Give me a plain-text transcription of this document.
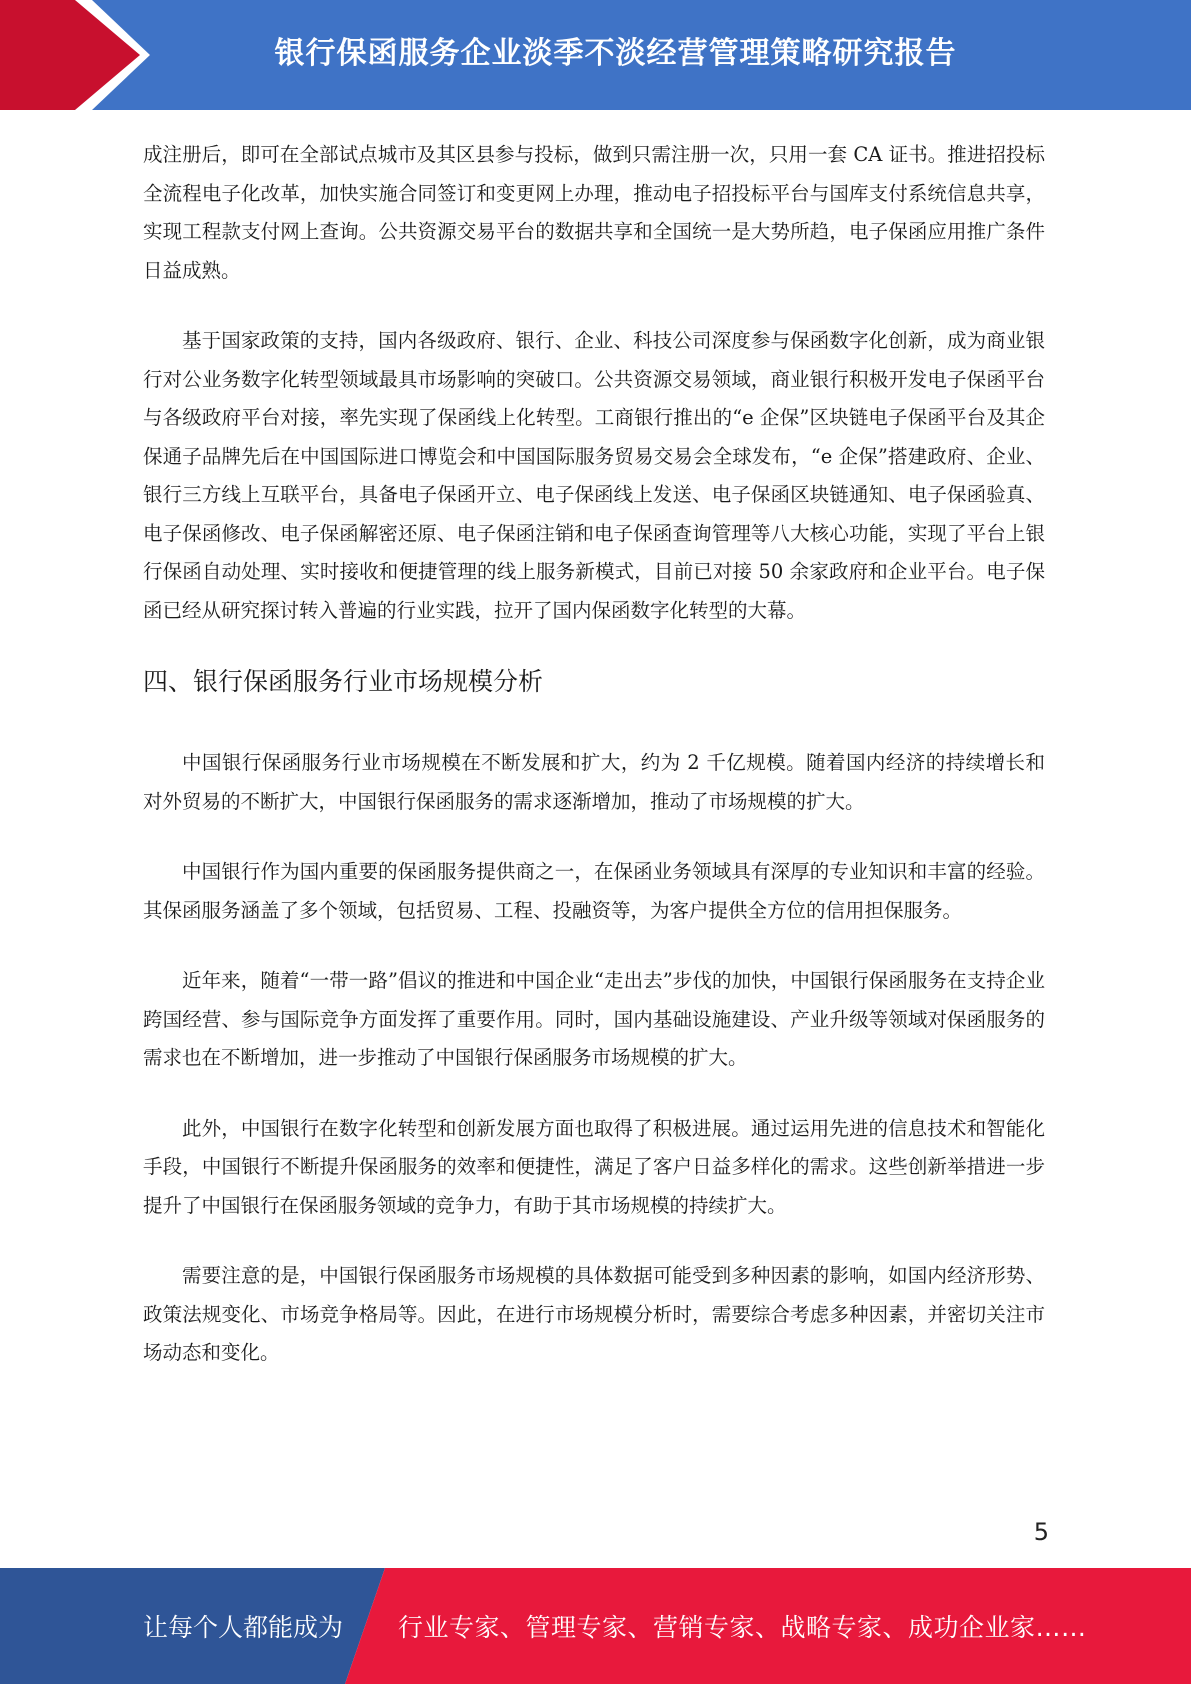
银行保函服务企业淡季不淡经营管理策略研究报告

成注册后，即可在全部试点城市及其区县参与投标，做到只需注册一次，只用一套 CA 证书。推进招投标全流程电子化改革，加快实施合同签订和变更网上办理，推动电子招投标平台与国库支付系统信息共享，实现工程款支付网上查询。公共资源交易平台的数据共享和全国统一是大势所趋，电子保函应用推广条件日益成熟。

基于国家政策的支持，国内各级政府、银行、企业、科技公司深度参与保函数字化创新，成为商业银行对公业务数字化转型领域最具市场影响的突破口。公共资源交易领域，商业银行积极开发电子保函平台与各级政府平台对接，率先实现了保函线上化转型。工商银行推出的“e 企保”区块链电子保函平台及其企保通子品牌先后在中国国际进口博览会和中国国际服务贸易交易会全球发布，“e 企保”搭建政府、企业、银行三方线上互联平台，具备电子保函开立、电子保函线上发送、电子保函区块链通知、电子保函验真、电子保函修改、电子保函解密还原、电子保函注销和电子保函查询管理等八大核心功能，实现了平台上银行保函自动处理、实时接收和便捷管理的线上服务新模式，目前已对接 50 余家政府和企业平台。电子保函已经从研究探讨转入普遍的行业实践，拉开了国内保函数字化转型的大幕。

四、银行保函服务行业市场规模分析

中国银行保函服务行业市场规模在不断发展和扩大，约为 2 千亿规模。随着国内经济的持续增长和对外贸易的不断扩大，中国银行保函服务的需求逐渐增加，推动了市场规模的扩大。

中国银行作为国内重要的保函服务提供商之一，在保函业务领域具有深厚的专业知识和丰富的经验。其保函服务涵盖了多个领域，包括贸易、工程、投融资等，为客户提供全方位的信用担保服务。

近年来，随着“一带一路”倡议的推进和中国企业“走出去”步伐的加快，中国银行保函服务在支持企业跨国经营、参与国际竞争方面发挥了重要作用。同时，国内基础设施建设、产业升级等领域对保函服务的需求也在不断增加，进一步推动了中国银行保函服务市场规模的扩大。

此外，中国银行在数字化转型和创新发展方面也取得了积极进展。通过运用先进的信息技术和智能化手段，中国银行不断提升保函服务的效率和便捷性，满足了客户日益多样化的需求。这些创新举措进一步提升了中国银行在保函服务领域的竞争力，有助于其市场规模的持续扩大。

需要注意的是，中国银行保函服务市场规模的具体数据可能受到多种因素的影响，如国内经济形势、政策法规变化、市场竞争格局等。因此，在进行市场规模分析时，需要综合考虑多种因素，并密切关注市场动态和变化。

5
让每个人都能成为 行业专家、管理专家、营销专家、战略专家、成功企业家……
